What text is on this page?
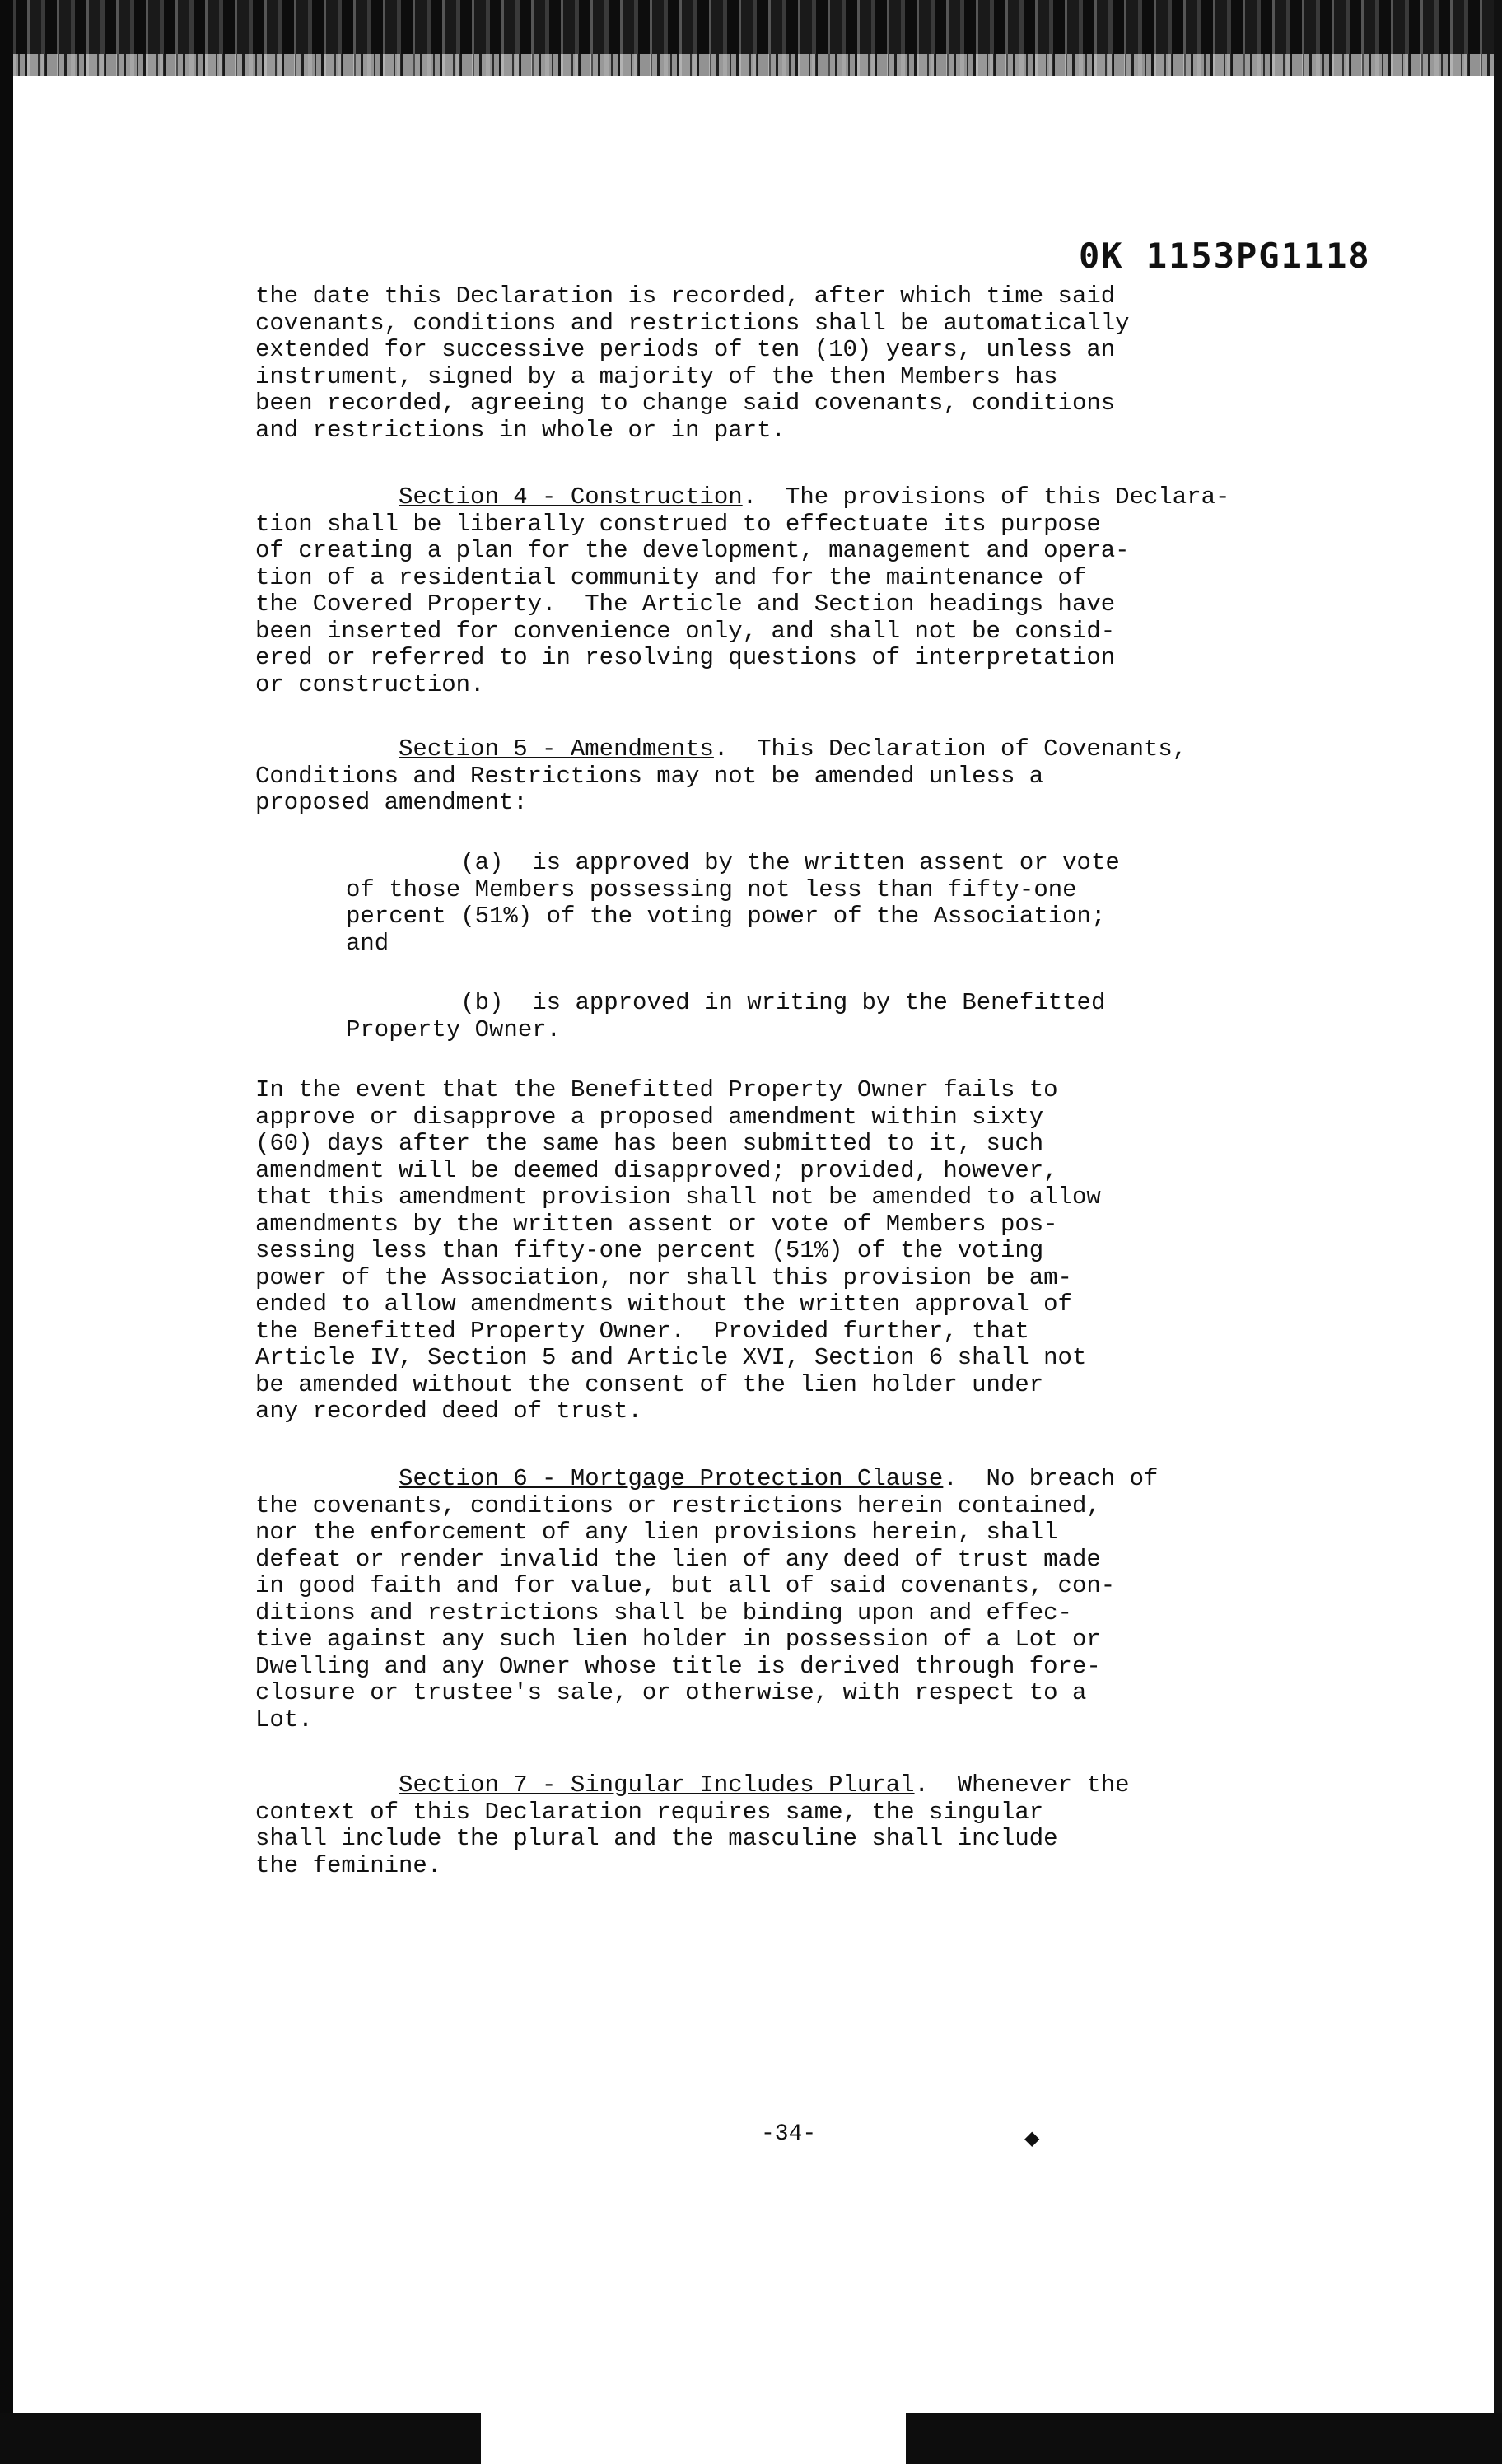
0K 1153PG1118
the date this Declaration is recorded, after which time said
covenants, conditions and restrictions shall be automatically
extended for successive periods of ten (10) years, unless an
instrument, signed by a majority of the then Members has
been recorded, agreeing to change said covenants, conditions
and restrictions in whole or in part.
Section 4 - Construction.  The provisions of this Declara-
tion shall be liberally construed to effectuate its purpose
of creating a plan for the development, management and opera-
tion of a residential community and for the maintenance of
the Covered Property.  The Article and Section headings have
been inserted for convenience only, and shall not be consid-
ered or referred to in resolving questions of interpretation
or construction.
Section 5 - Amendments.  This Declaration of Covenants,
Conditions and Restrictions may not be amended unless a
proposed amendment:
(a)  is approved by the written assent or vote
of those Members possessing not less than fifty-one
percent (51%) of the voting power of the Association;
and
(b)  is approved in writing by the Benefitted
Property Owner.
In the event that the Benefitted Property Owner fails to
approve or disapprove a proposed amendment within sixty
(60) days after the same has been submitted to it, such
amendment will be deemed disapproved; provided, however,
that this amendment provision shall not be amended to allow
amendments by the written assent or vote of Members pos-
sessing less than fifty-one percent (51%) of the voting
power of the Association, nor shall this provision be am-
ended to allow amendments without the written approval of
the Benefitted Property Owner.  Provided further, that
Article IV, Section 5 and Article XVI, Section 6 shall not
be amended without the consent of the lien holder under
any recorded deed of trust.
Section 6 - Mortgage Protection Clause.  No breach of
the covenants, conditions or restrictions herein contained,
nor the enforcement of any lien provisions herein, shall
defeat or render invalid the lien of any deed of trust made
in good faith and for value, but all of said covenants, con-
ditions and restrictions shall be binding upon and effec-
tive against any such lien holder in possession of a Lot or
Dwelling and any Owner whose title is derived through fore-
closure or trustee's sale, or otherwise, with respect to a
Lot.
Section 7 - Singular Includes Plural.  Whenever the
context of this Declaration requires same, the singular
shall include the plural and the masculine shall include
the feminine.
-34-	◆
